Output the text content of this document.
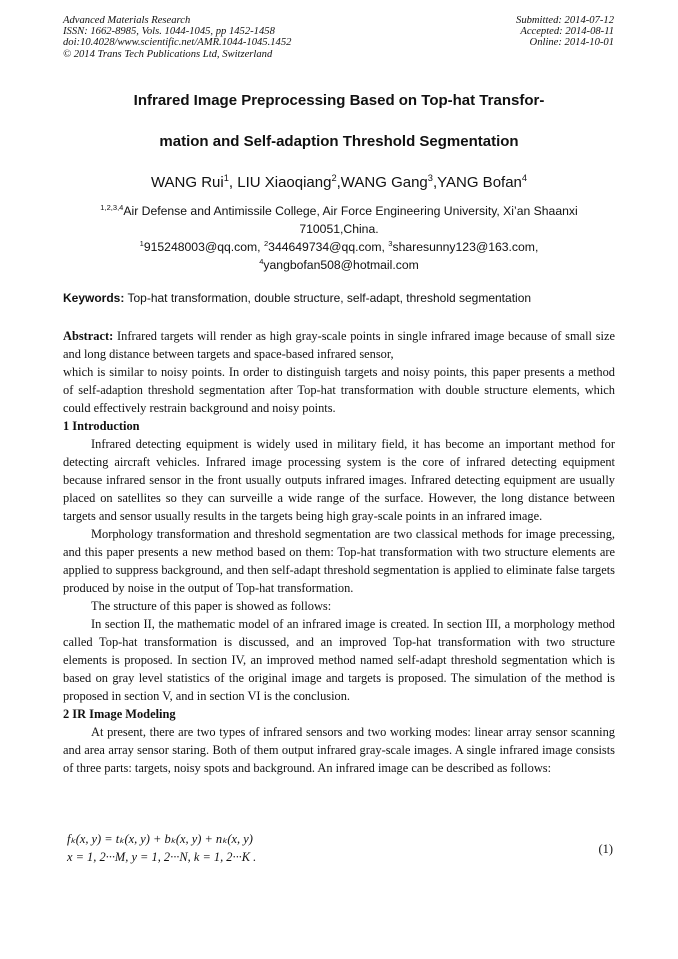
Advanced Materials Research
ISSN: 1662-8985, Vols. 1044-1045, pp 1452-1458
doi:10.4028/www.scientific.net/AMR.1044-1045.1452
© 2014 Trans Tech Publications Ltd, Switzerland
Submitted: 2014-07-12
Accepted: 2014-08-11
Online: 2014-10-01
Infrared Image Preprocessing Based on Top-hat Transfor-
mation and Self-adaption Threshold Segmentation
WANG Rui$^1$, LIU Xiaoqiang$^2$,WANG Gang$^3$,YANG Bofan$^4$
$^{1,2,3,4}$Air Defense and Antimissile College, Air Force Engineering University, Xi’an Shaanxi
710051,China.
$^1$915248003@qq.com, $^2$344649734@qq.com, $^3$sharesunny123@163.com,
$^4$yangbofan508@hotmail.com
Keywords: Top-hat transformation, double structure, self-adapt, threshold segmentation

Abstract: Infrared targets will render as high gray-scale points in single infrared image because of small size and long distance between targets and space-based infrared sensor,

which is similar to noisy points. In order to distinguish targets and noisy points, this paper presents a method of self-adaption threshold segmentation after Top-hat transformation with double structure elements, which could effectively restrain background and noisy points.

1 Introduction

Infrared detecting equipment is widely used in military field, it has become an important method for detecting aircraft vehicles. Infrared image processing system is the core of infrared detecting equipment because infrared sensor in the front usually outputs infrared images. Infrared detecting equipment are usually placed on satellites so they can surveille a wide range of the surface. However, the long distance between targets and sensor usually results in the targets being high gray-scale points in an infrared image.

Morphology transformation and threshold segmentation are two classical methods for image precessing, and this paper presents a new method based on them: Top-hat transformation with two structure elements are applied to suppress background, and then self-adapt threshold segmentation is applied to eliminate false targets produced by noise in the output of Top-hat transformation.

The structure of this paper is showed as follows:

In section II, the mathematic model of an infrared image is created. In section III, a morphology method called Top-hat transformation is discussed, and an improved Top-hat transformation with two structure elements is proposed. In section IV, an improved method named self-adapt threshold segmentation which is based on gray level statistics of the original image and targets is proposed. The simulation of the method is proposed in section V, and in section VI is the conclusion.

2 IR Image Modeling

At present, there are two types of infrared sensors and two working modes: linear array sensor scanning and area array sensor staring. Both of them output infrared gray-scale images. A single infrared image consists of three parts: targets, noisy spots and background. An infrared image can be described as follows:

fₖ(x, y) = tₖ(x, y) + bₖ(x, y) + nₖ(x, y)
x = 1, 2···M, y = 1, 2···N, k = 1, 2···K .
(1)
